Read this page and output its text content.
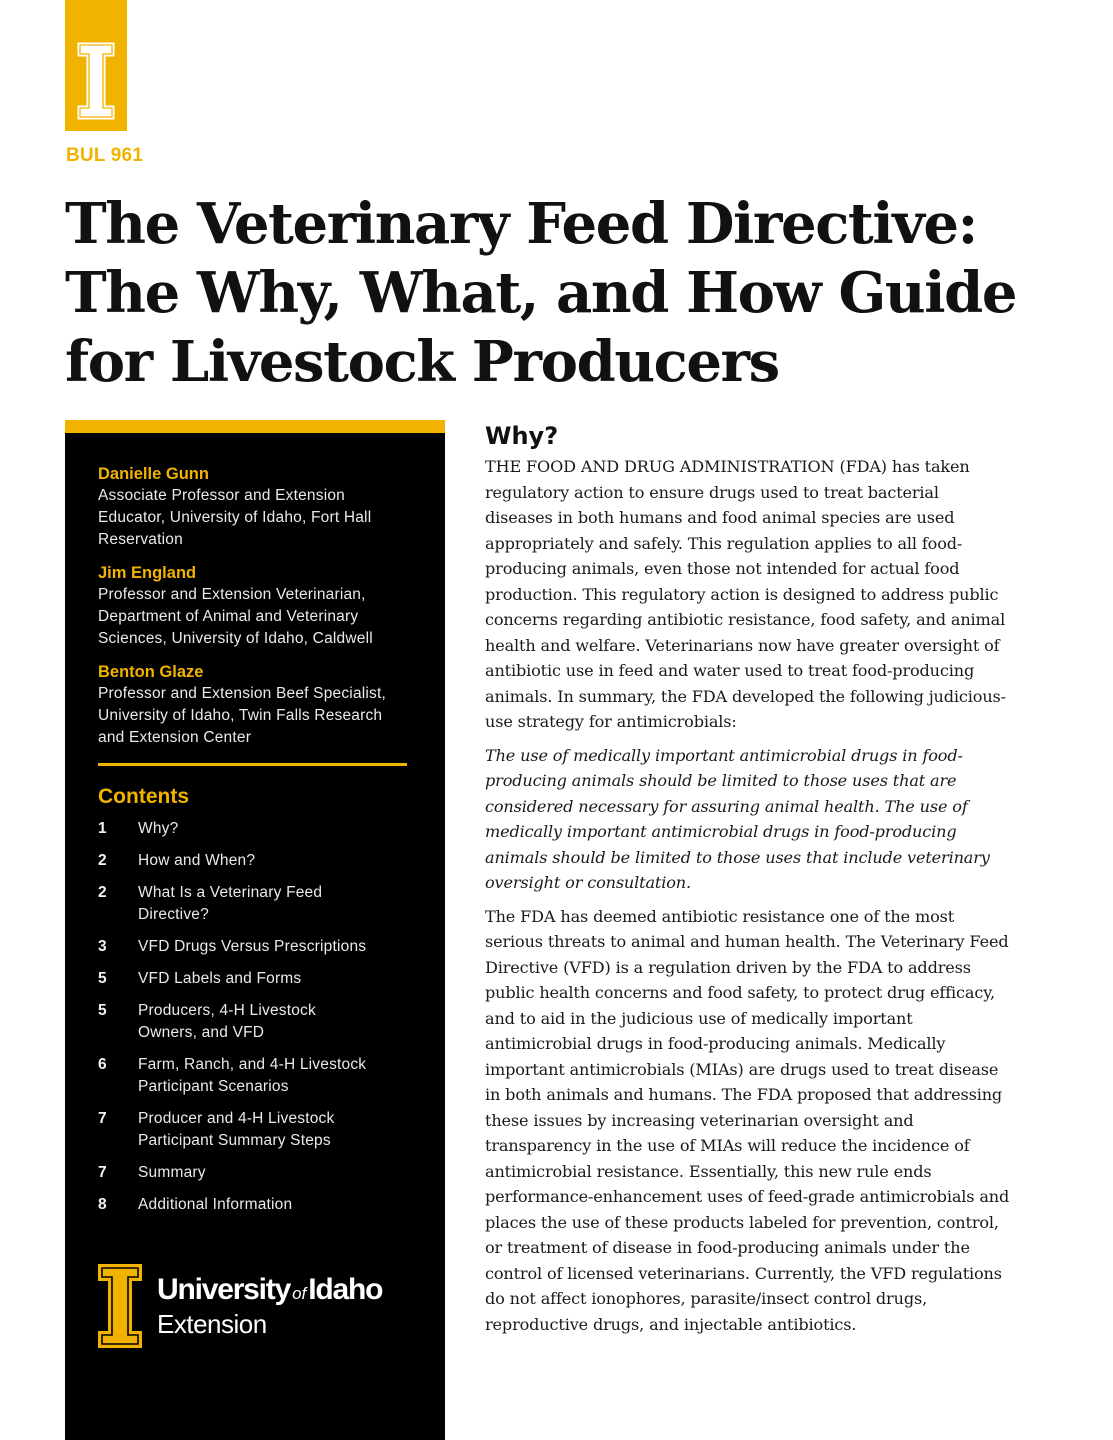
BUL 961
The Veterinary Feed Directive: The Why, What, and How Guide for Livestock Producers
Danielle Gunn
Associate Professor and Extension Educator, University of Idaho, Fort Hall Reservation
Jim England
Professor and Extension Veterinarian, Department of Animal and Veterinary Sciences, University of Idaho, Caldwell
Benton Glaze
Professor and Extension Beef Specialist, University of Idaho, Twin Falls Research and Extension Center
Contents
1	Why?
2	How and When?
2	What Is a Veterinary Feed Directive?
3	VFD Drugs Versus Prescriptions
5	VFD Labels and Forms
5	Producers, 4-H Livestock Owners, and VFD
6	Farm, Ranch, and 4-H Livestock Participant Scenarios
7	Producer and 4-H Livestock Participant Summary Steps
7	Summary
8	Additional Information
University ofIdaho
Extension
Why?

THE FOOD AND DRUG ADMINISTRATION (FDA) has taken regulatory action to ensure drugs used to treat bacterial diseases in both humans and food animal species are used appropriately and safely. This regulation applies to all food-producing animals, even those not intended for actual food production. This regulatory action is designed to address public concerns regarding antibiotic resistance, food safety, and animal health and welfare. Veterinarians now have greater oversight of antibiotic use in feed and water used to treat food-producing animals. In summary, the FDA developed the following judicious-use strategy for antimicrobials:

The use of medically important antimicrobial drugs in food-producing animals should be limited to those uses that are considered necessary for assuring animal health. The use of medically important antimicrobial drugs in food-producing animals should be limited to those uses that include veterinary oversight or consultation.

The FDA has deemed antibiotic resistance one of the most serious threats to animal and human health. The Veterinary Feed Directive (VFD) is a regulation driven by the FDA to address public health concerns and food safety, to protect drug efficacy, and to aid in the judicious use of medically important antimicrobial drugs in food-producing animals. Medically important antimicrobials (MIAs) are drugs used to treat disease in both animals and humans. The FDA proposed that addressing these issues by increasing veterinarian oversight and transparency in the use of MIAs will reduce the incidence of antimicrobial resistance. Essentially, this new rule ends performance-enhancement uses of feed-grade antimicrobials and places the use of these products labeled for prevention, control, or treatment of disease in food-producing animals under the control of licensed veterinarians. Currently, the VFD regulations do not affect ionophores, parasite/insect control drugs, reproductive drugs, and injectable antibiotics.
